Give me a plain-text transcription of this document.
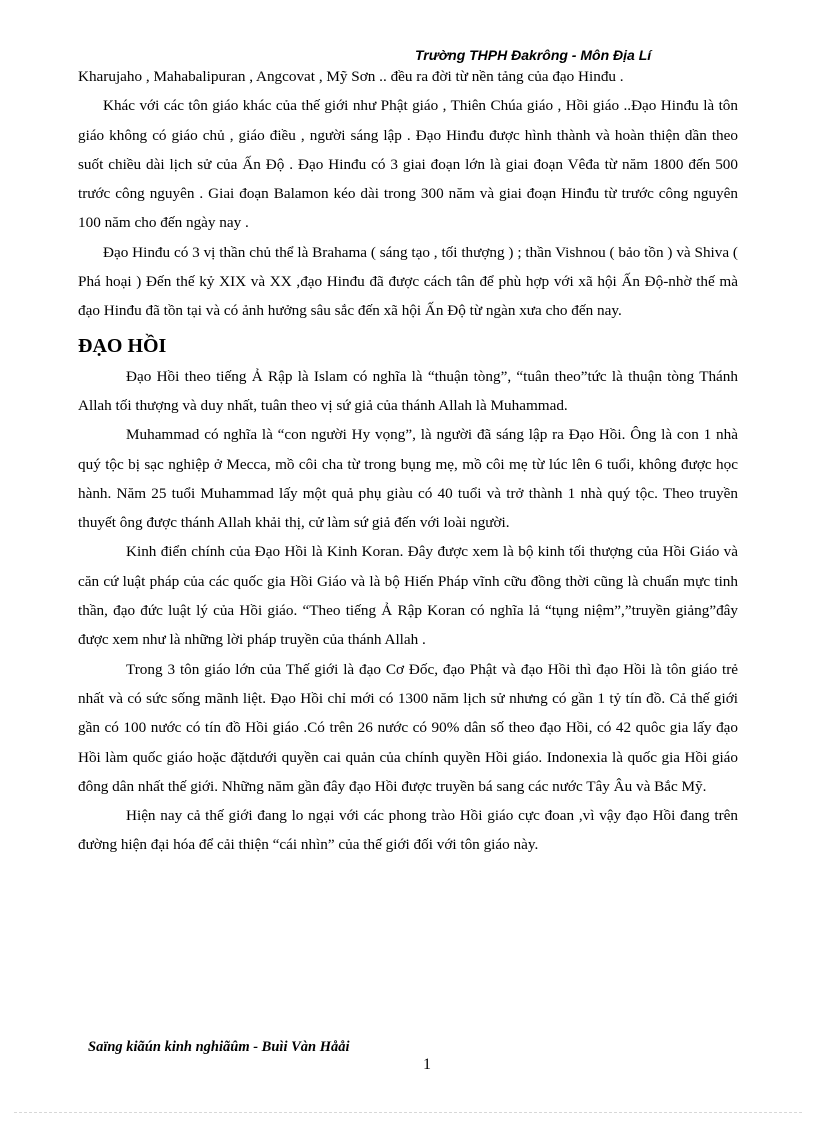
Trường THPH Đakrông - Môn Địa Lí

Kharujaho , Mahabalipuran , Angcovat , Mỹ Sơn .. đều ra đời từ nền tảng của đạo Hinđu .

Khác với các tôn giáo khác của thế giới như Phật giáo , Thiên Chúa giáo , Hồi giáo ..Đạo Hinđu là tôn giáo không có giáo chủ , giáo điều , người sáng lập . Đạo Hinđu được hình thành và hoàn thiện dần theo suốt chiều dài lịch sử của Ấn Độ . Đạo Hinđu có 3 giai đoạn lớn là giai đoạn Vêđa từ năm 1800 đến 500 trước công nguyên . Giai đoạn Balamon kéo dài trong 300 năm và giai đoạn Hinđu từ trước công nguyên 100 năm cho đến ngày nay .

Đạo Hinđu có 3 vị thần chủ thể là Brahama ( sáng tạo , tối thượng ) ; thần Vishnou ( bảo tồn ) và Shiva ( Phá hoại ) Đến thế kỷ XIX và XX ,đạo Hinđu đã được cách tân để phù hợp với xã hội Ấn Độ-nhờ thế mà đạo Hinđu đã tồn tại và có ảnh hưởng sâu sắc đến xã hội Ấn Độ từ ngàn xưa cho đến nay.

ĐẠO HỒI

Đạo Hồi theo tiếng Ả Rập là Islam có nghĩa là “thuận tòng”, “tuân theo”tức là thuận tòng Thánh Allah tối thượng và duy nhất, tuân theo vị sứ giả của thánh Allah là Muhammad.

Muhammad có nghĩa là “con người Hy vọng”, là người đã sáng lập ra Đạo Hồi. Ông là con 1 nhà quý tộc bị sạc nghiệp ở Mecca, mồ côi cha từ trong bụng mẹ, mồ côi mẹ từ lúc lên 6 tuổi, không được học hành. Năm 25 tuổi Muhammad lấy một quả phụ giàu có 40 tuổi và trở thành 1 nhà quý tộc. Theo truyền thuyết ông được thánh Allah khải thị, cử làm sứ giả đến với loài người.

Kinh điển chính của Đạo Hồi là Kinh Koran. Đây được xem là bộ kinh tối thượng của Hồi Giáo và căn cứ luật pháp của các quốc gia Hồi Giáo và là bộ Hiến Pháp vĩnh cữu đồng thời cũng là chuẩn mực tinh thần, đạo đức luật lý của Hồi giáo. “Theo tiếng Ả Rập Koran có nghĩa lả “tụng niệm”,”truyền giảng”đây được xem như là những lời pháp truyền của thánh Allah .

Trong 3 tôn giáo lớn của Thế giới là đạo Cơ Đốc, đạo Phật và đạo Hồi thì đạo Hồi là tôn giáo trẻ nhất và có sức sống mãnh liệt. Đạo Hồi chỉ mới có 1300 năm lịch sử nhưng có gần 1 tỷ tín đồ. Cả thế giới gần có 100 nước có tín đồ Hồi giáo .Có trên 26 nước có 90% dân số theo đạo Hồi, có 42 quôc gia lấy đạo Hồi làm quốc giáo hoặc đặtdưới quyền cai quản của chính quyền Hồi giáo. Indonexia là quốc gia Hồi giáo đông dân nhất thế giới. Những năm gần đây đạo Hồi được truyền bá sang các nước Tây Âu và Bắc Mỹ.

Hiện nay cả thế giới đang lo ngại với các phong trào Hồi giáo cực đoan ,vì vậy đạo Hồi đang trên đường hiện đại hóa để cải thiện “cái nhìn” của thế giới đối với tôn giáo này.

Saïng kiãún kinh nghiãûm - Buìi Vàn Hååi
1
